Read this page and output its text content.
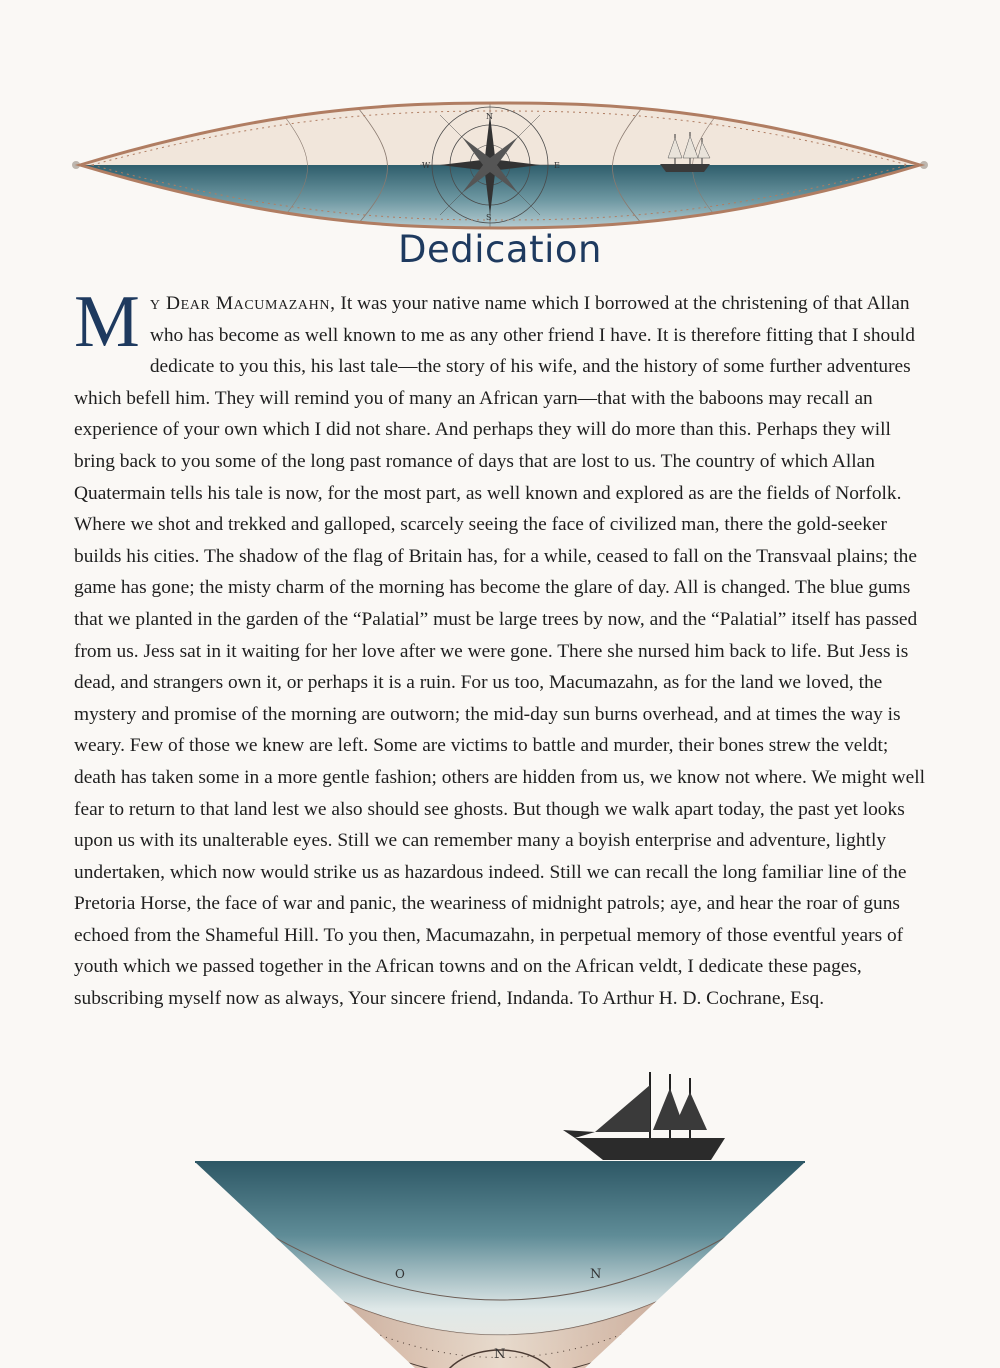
N
S
W	E
Dedication

My Dear Macumazahn, It was your native name which I borrowed at the christening of that Allan who has become as well known to me as any other friend I have. It is therefore fitting that I should dedicate to you this, his last tale—the story of his wife, and the history of some further adventures which befell him. They will remind you of many an African yarn—that with the baboons may recall an experience of your own which I did not share. And perhaps they will do more than this. Perhaps they will bring back to you some of the long past romance of days that are lost to us. The country of which Allan Quatermain tells his tale is now, for the most part, as well known and explored as are the fields of Norfolk. Where we shot and trekked and galloped, scarcely seeing the face of civilized man, there the gold-seeker builds his cities. The shadow of the flag of Britain has, for a while, ceased to fall on the Transvaal plains; the game has gone; the misty charm of the morning has become the glare of day. All is changed. The blue gums that we planted in the garden of the “Palatial” must be large trees by now, and the “Palatial” itself has passed from us. Jess sat in it waiting for her love after we were gone. There she nursed him back to life. But Jess is dead, and strangers own it, or perhaps it is a ruin. For us too, Macumazahn, as for the land we loved, the mystery and promise of the morning are outworn; the mid-day sun burns overhead, and at times the way is weary. Few of those we knew are left. Some are victims to battle and murder, their bones strew the veldt; death has taken some in a more gentle fashion; others are hidden from us, we know not where. We might well fear to return to that land lest we also should see ghosts. But though we walk apart today, the past yet looks upon us with its unalterable eyes. Still we can remember many a boyish enterprise and adventure, lightly undertaken, which now would strike us as hazardous indeed. Still we can recall the long familiar line of the Pretoria Horse, the face of war and panic, the weariness of midnight patrols; aye, and hear the roar of guns echoed from the Shameful Hill. To you then, Macumazahn, in perpetual memory of those eventful years of youth which we passed together in the African towns and on the African veldt, I dedicate these pages, subscribing myself now as always, Your sincere friend, Indanda. To Arthur H. D. Cochrane, Esq.

O	N
N
